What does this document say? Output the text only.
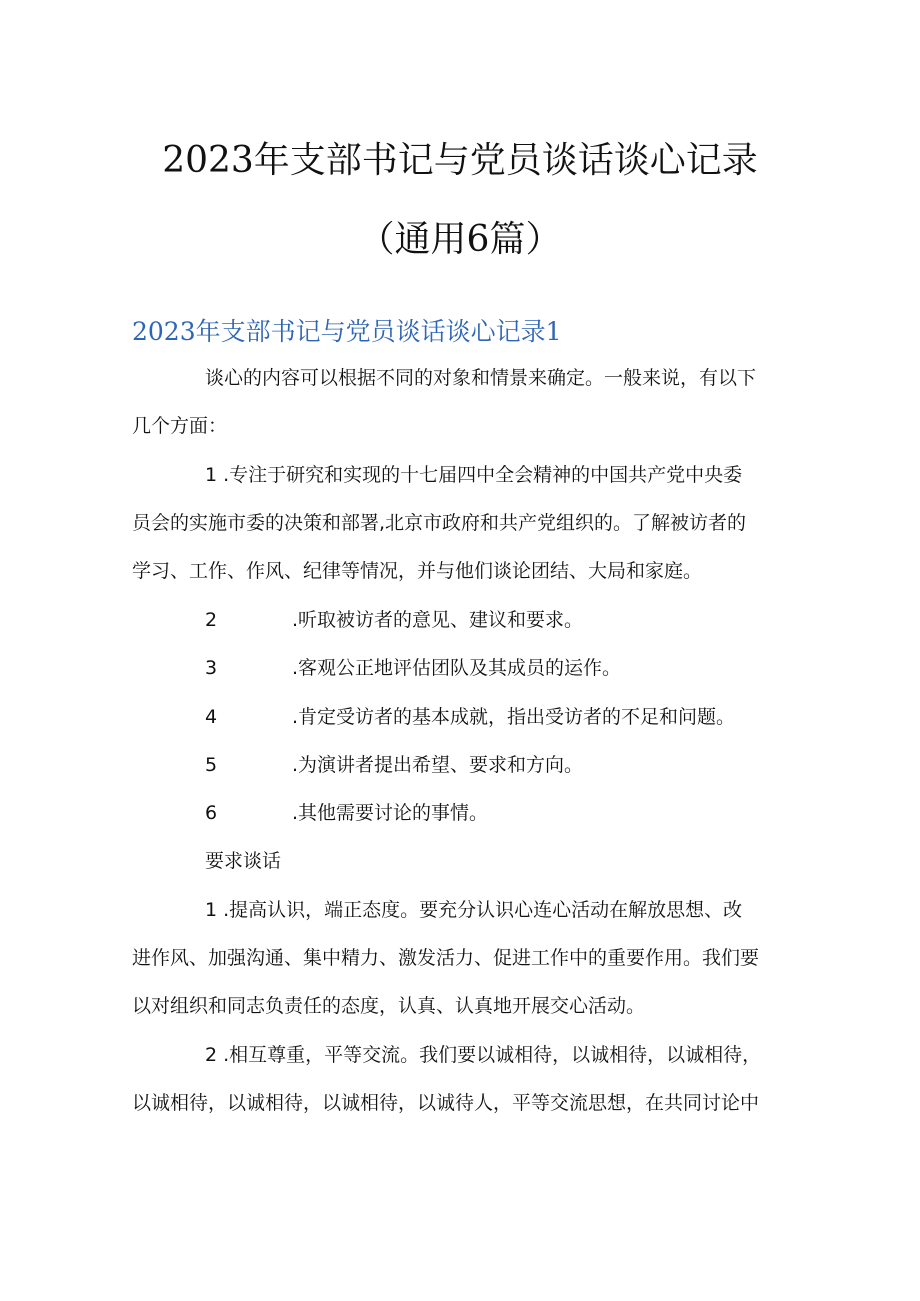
2023年支部书记与党员谈话谈心记录
（通用6篇）
2023年支部书记与党员谈话谈心记录1
谈心的内容可以根据不同的对象和情景来确定。一般来说，有以下
几个方面：
1 .专注于研究和实现的十七届四中全会精神的中国共产党中央委
员会的实施市委的决策和部署,北京市政府和共产党组织的。了解被访者的
学习、工作、作风、纪律等情况，并与他们谈论团结、大局和家庭。
2	.听取被访者的意见、建议和要求。
3	.客观公正地评估团队及其成员的运作。
4	.肯定受访者的基本成就，指出受访者的不足和问题。
5	.为演讲者提出希望、要求和方向。
6	.其他需要讨论的事情。
要求谈话
1 .提高认识，端正态度。要充分认识心连心活动在解放思想、改
进作风、加强沟通、集中精力、激发活力、促进工作中的重要作用。我们要
以对组织和同志负责任的态度，认真、认真地开展交心活动。
2 .相互尊重，平等交流。我们要以诚相待，以诚相待，以诚相待，
以诚相待，以诚相待，以诚相待，以诚待人，平等交流思想，在共同讨论中
